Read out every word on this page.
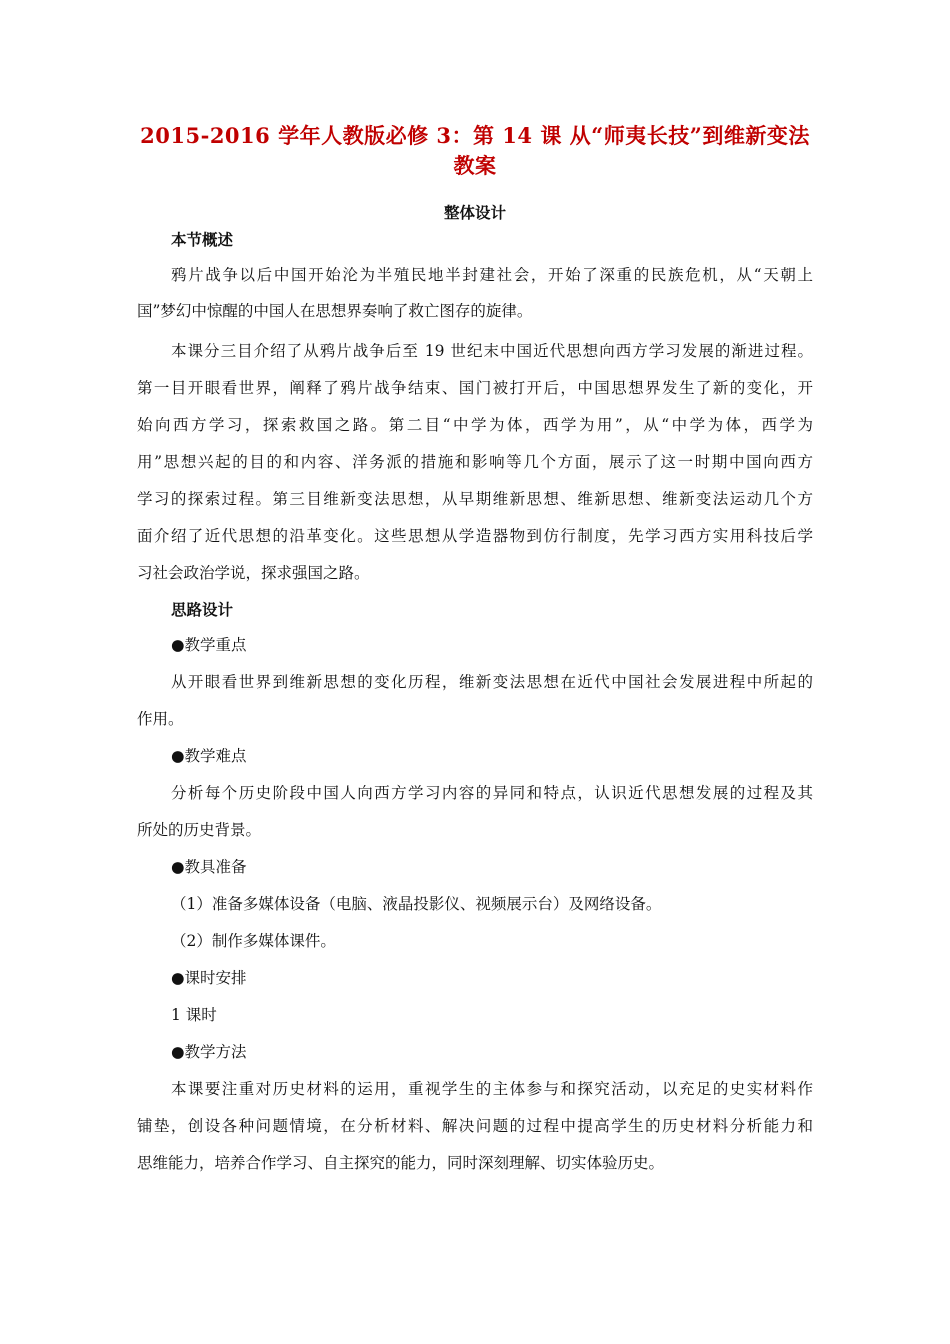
2015-2016 学年人教版必修 3：第 14 课 从“师夷长技”到维新变法
教案
整体设计
本节概述
鸦片战争以后中国开始沦为半殖民地半封建社会，开始了深重的民族危机，从“天朝上
国”梦幻中惊醒的中国人在思想界奏响了救亡图存的旋律。
本课分三目介绍了从鸦片战争后至 19 世纪末中国近代思想向西方学习发展的渐进过程。
第一目开眼看世界，阐释了鸦片战争结束、国门被打开后，中国思想界发生了新的变化，开
始向西方学习，探索救国之路。第二目“中学为体，西学为用”，从“中学为体，西学为
用”思想兴起的目的和内容、洋务派的措施和影响等几个方面，展示了这一时期中国向西方
学习的探索过程。第三目维新变法思想，从早期维新思想、维新思想、维新变法运动几个方
面介绍了近代思想的沿革变化。这些思想从学造器物到仿行制度，先学习西方实用科技后学
习社会政治学说，探求强国之路。
思路设计
●教学重点
从开眼看世界到维新思想的变化历程，维新变法思想在近代中国社会发展进程中所起的
作用。
●教学难点
分析每个历史阶段中国人向西方学习内容的异同和特点，认识近代思想发展的过程及其
所处的历史背景。
●教具准备
（1）准备多媒体设备（电脑、液晶投影仪、视频展示台）及网络设备。
（2）制作多媒体课件。
●课时安排
1 课时
●教学方法
本课要注重对历史材料的运用，重视学生的主体参与和探究活动，以充足的史实材料作
铺垫，创设各种问题情境，在分析材料、解决问题的过程中提高学生的历史材料分析能力和
思维能力，培养合作学习、自主探究的能力，同时深刻理解、切实体验历史。
